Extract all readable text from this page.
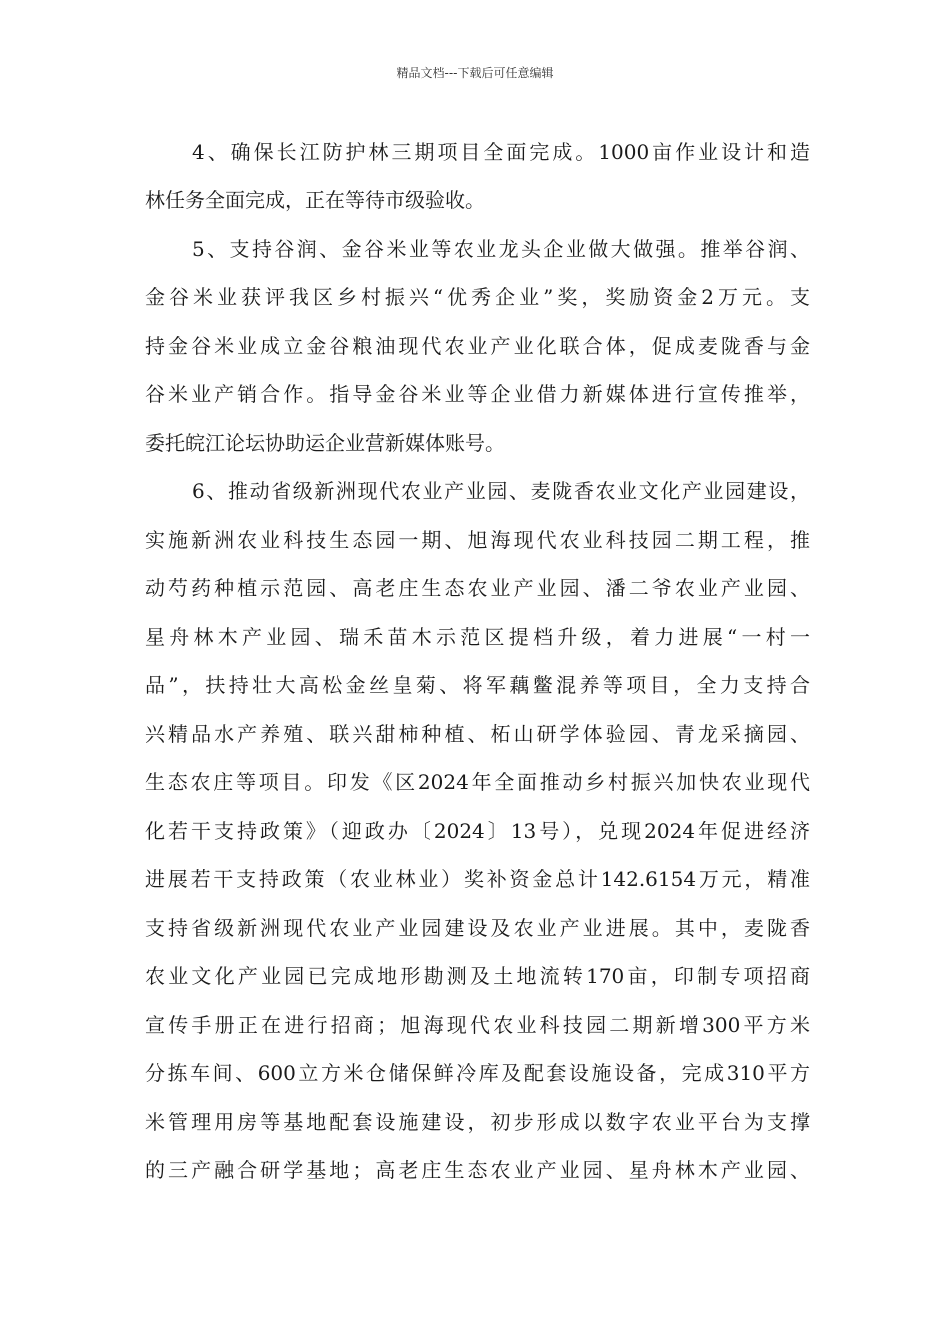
精品文档---下载后可任意编辑
4、确保长江防护林三期项目全面完成。1000亩作业设计和造
林任务全面完成，正在等待市级验收。
5、支持谷润、金谷米业等农业龙头企业做大做强。推举谷润、
金谷米业获评我区乡村振兴“优秀企业”奖，奖励资金2万元。支
持金谷米业成立金谷粮油现代农业产业化联合体，促成麦陇香与金
谷米业产销合作。指导金谷米业等企业借力新媒体进行宣传推举，
委托皖江论坛协助运企业营新媒体账号。
6、推动省级新洲现代农业产业园、麦陇香农业文化产业园建设，
实施新洲农业科技生态园一期、旭海现代农业科技园二期工程，推
动芍药种植示范园、高老庄生态农业产业园、潘二爷农业产业园、
星舟林木产业园、瑞禾苗木示范区提档升级，着力进展“一村一
品”，扶持壮大高松金丝皇菊、将军藕鳖混养等项目，全力支持合
兴精品水产养殖、联兴甜柿种植、柘山研学体验园、青龙采摘园、
生态农庄等项目。印发《区2024年全面推动乡村振兴加快农业现代
化若干支持政策》（迎政办〔2024〕13号），兑现2024年促进经济
进展若干支持政策（农业林业）奖补资金总计142.6154万元，精准
支持省级新洲现代农业产业园建设及农业产业进展。其中，麦陇香
农业文化产业园已完成地形勘测及土地流转170亩，印制专项招商
宣传手册正在进行招商；旭海现代农业科技园二期新增300平方米
分拣车间、600立方米仓储保鲜冷库及配套设施设备，完成310平方
米管理用房等基地配套设施建设，初步形成以数字农业平台为支撑
的三产融合研学基地；高老庄生态农业产业园、星舟林木产业园、
